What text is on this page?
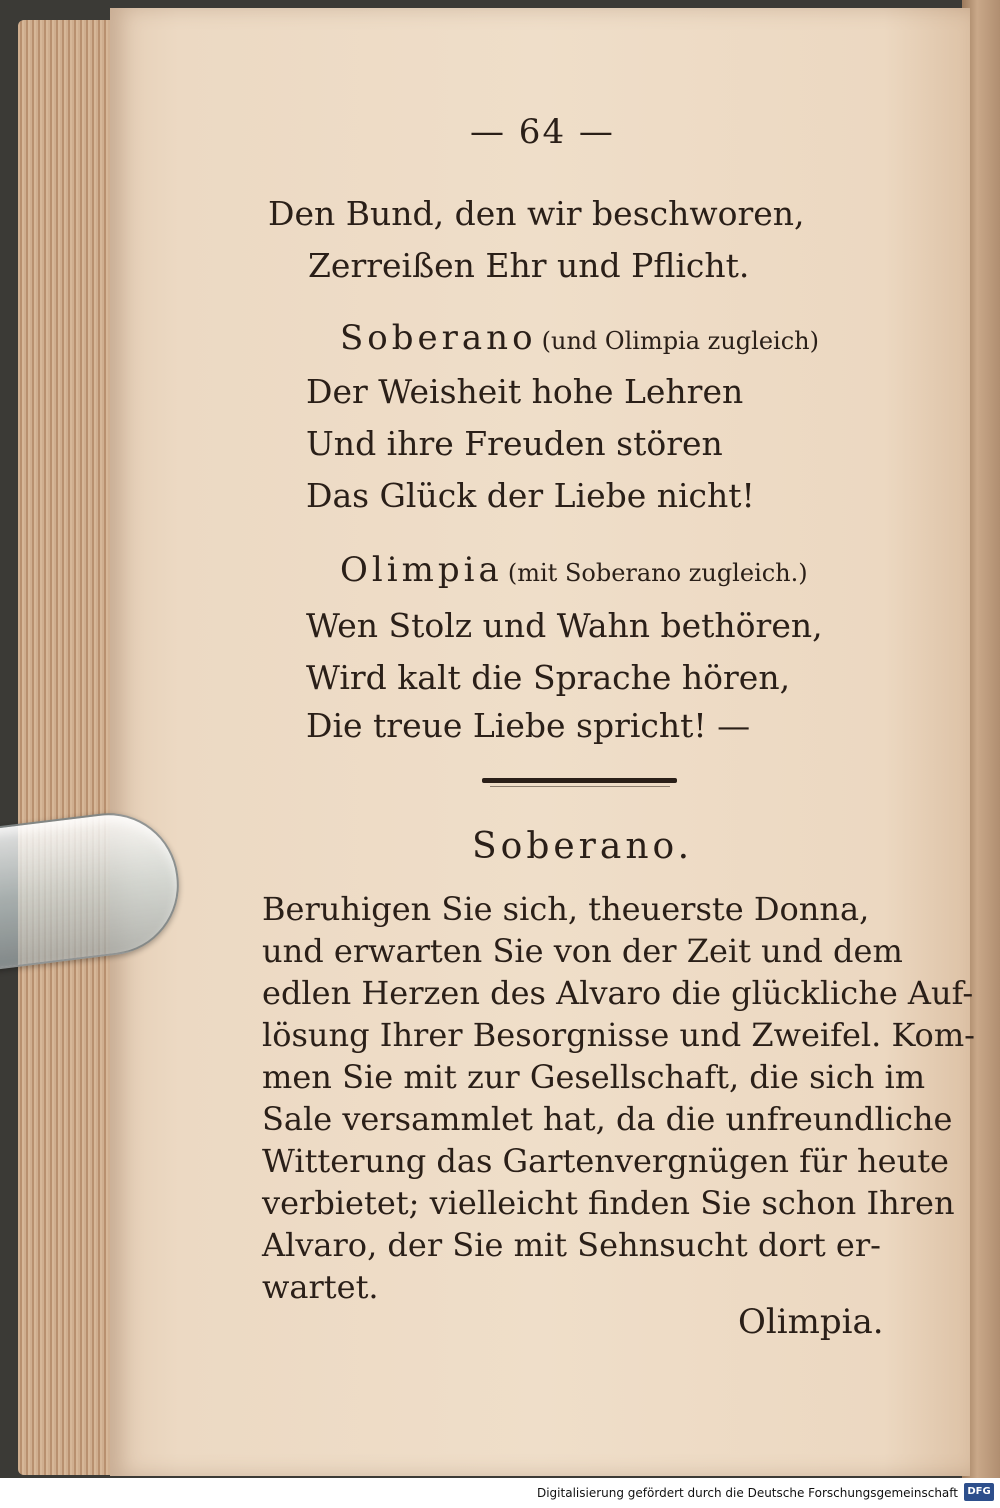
— 64 —
Den Bund, den wir beschworen,
Zerreißen Ehr und Pflicht.
Soberano (und Olimpia zugleich)
Der Weisheit hohe Lehren
Und ihre Freuden stören
Das Glück der Liebe nicht!
Olimpia (mit Soberano zugleich.)
Wen Stolz und Wahn bethören,
Wird kalt die Sprache hören,
Die treue Liebe spricht! —
Soberano.
Beruhigen Sie sich, theuerste Donna,
und erwarten Sie von der Zeit und dem
edlen Herzen des Alvaro die glückliche Auf-
lösung Ihrer Besorgnisse und Zweifel. Kom-
men Sie mit zur Gesellschaft, die sich im
Sale versammlet hat, da die unfreundliche
Witterung das Gartenvergnügen für heute
verbietet; vielleicht finden Sie schon Ihren
Alvaro, der Sie mit Sehnsucht dort er-
wartet.
Olimpia.
Digitalisierung gefördert durch die Deutsche Forschungsgemeinschaft DFG
